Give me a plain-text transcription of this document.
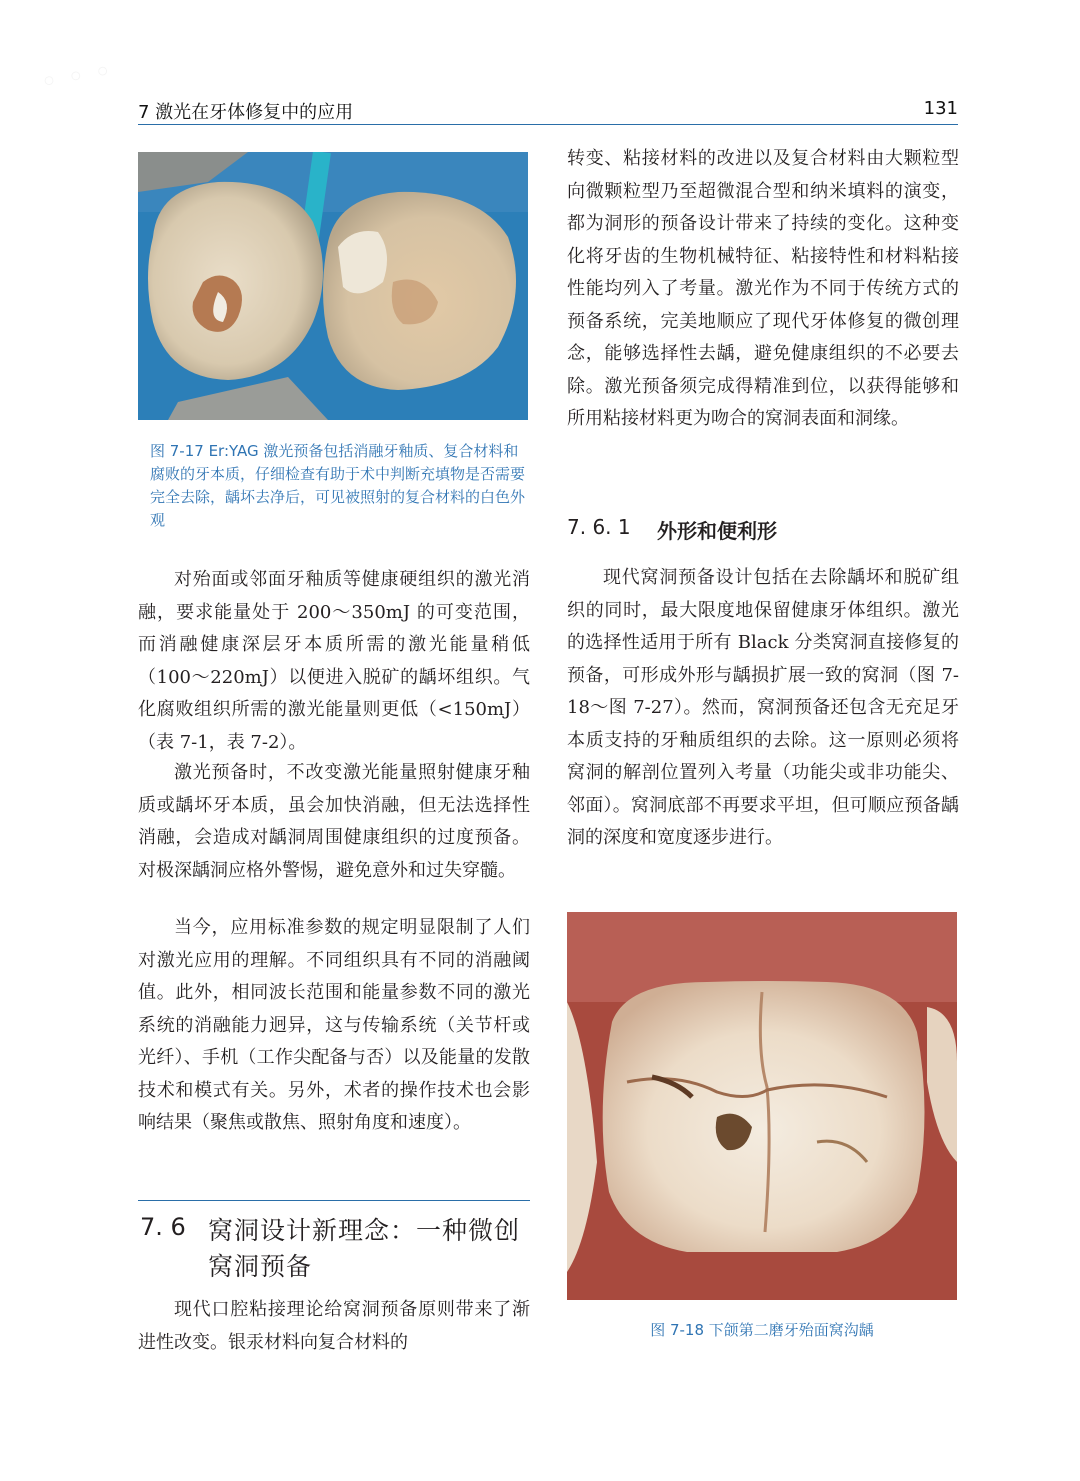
◦ ◦ ◦
7 激光在牙体修复中的应用	131
图 7-17 Er:YAG 激光预备包括消融牙釉质、复合材料和腐败的牙本质，仔细检查有助于术中判断充填物是否需要完全去除，龋坏去净后，可见被照射的复合材料的白色外观

对殆面或邻面牙釉质等健康硬组织的激光消融，要求能量处于 200～350mJ 的可变范围，而消融健康深层牙本质所需的激光能量稍低（100～220mJ）以便进入脱矿的龋坏组织。气化腐败组织所需的激光能量则更低（<150mJ）（表 7-1，表 7-2）。

激光预备时，不改变激光能量照射健康牙釉质或龋坏牙本质，虽会加快消融，但无法选择性消融，会造成对龋洞周围健康组织的过度预备。对极深龋洞应格外警惕，避免意外和过失穿髓。

当今，应用标准参数的规定明显限制了人们对激光应用的理解。不同组织具有不同的消融阈值。此外，相同波长范围和能量参数不同的激光系统的消融能力迥异，这与传输系统（关节杆或光纤）、手机（工作尖配备与否）以及能量的发散技术和模式有关。另外，术者的操作技术也会影响结果（聚焦或散焦、照射角度和速度）。

7. 6 窝洞设计新理念：一种微创
窝洞预备

现代口腔粘接理论给窝洞预备原则带来了渐进性改变。银汞材料向复合材料的

转变、粘接材料的改进以及复合材料由大颗粒型向微颗粒型乃至超微混合型和纳米填料的演变，都为洞形的预备设计带来了持续的变化。这种变化将牙齿的生物机械特征、粘接特性和材料粘接性能均列入了考量。激光作为不同于传统方式的预备系统，完美地顺应了现代牙体修复的微创理念，能够选择性去龋，避免健康组织的不必要去除。激光预备须完成得精准到位，以获得能够和所用粘接材料更为吻合的窝洞表面和洞缘。

7. 6. 1 外形和便利形

现代窝洞预备设计包括在去除龋坏和脱矿组织的同时，最大限度地保留健康牙体组织。激光的选择性适用于所有 Black 分类窝洞直接修复的预备，可形成外形与龋损扩展一致的窝洞（图 7-18～图 7-27）。然而，窝洞预备还包含无充足牙本质支持的牙釉质组织的去除。这一原则必须将窝洞的解剖位置列入考量（功能尖或非功能尖、邻面）。窝洞底部不再要求平坦，但可顺应预备龋洞的深度和宽度逐步进行。

图 7-18 下颌第二磨牙殆面窝沟龋
